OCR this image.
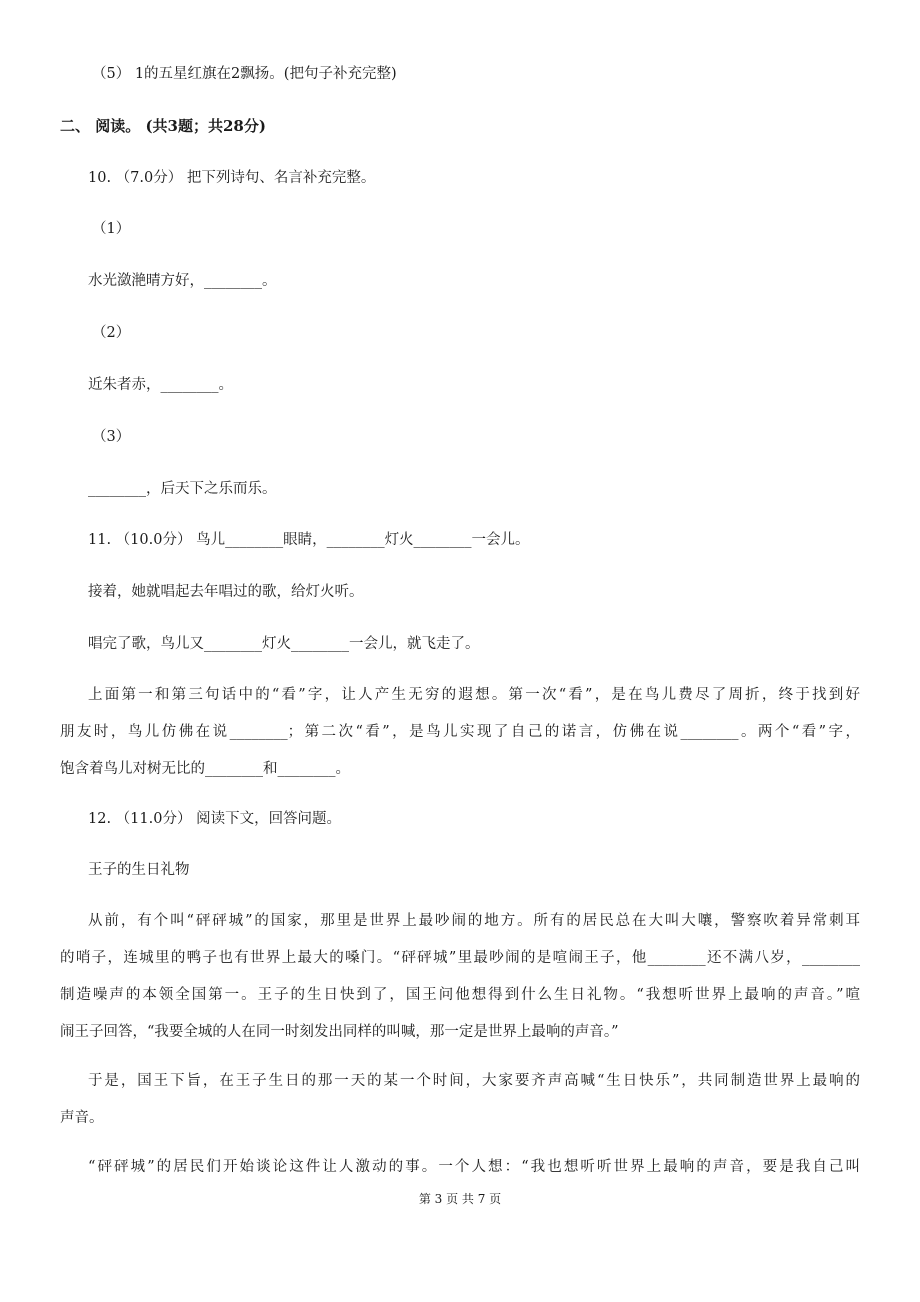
（5） 1的五星红旗在2飘扬。(把句子补充完整)
二、 阅读。 (共3题；共28分)
10. （7.0分） 把下列诗句、名言补充完整。
（1）
水光潋滟晴方好，________。
（2）
近朱者赤，________。
（3）
________，后天下之乐而乐。
11. （10.0分） 鸟儿________眼睛，________灯火________一会儿。
接着，她就唱起去年唱过的歌，给灯火听。
唱完了歌，鸟儿又________灯火________一会儿，就飞走了。
上面第一和第三句话中的“看”字，让人产生无穷的遐想。第一次“看”，是在鸟儿费尽了周折，终于找到好
朋友时，鸟儿仿佛在说________；第二次“看”，是鸟儿实现了自己的诺言，仿佛在说________。两个“看”字，
饱含着鸟儿对树无比的________和________。
12. （11.0分） 阅读下文，回答问题。
王子的生日礼物
从前，有个叫“砰砰城”的国家，那里是世界上最吵闹的地方。所有的居民总在大叫大嚷，警察吹着异常刺耳
的哨子，连城里的鸭子也有世界上最大的嗓门。“砰砰城”里最吵闹的是喧闹王子，他________还不满八岁，________
制造噪声的本领全国第一。王子的生日快到了，国王问他想得到什么生日礼物。“我想听世界上最响的声音。”喧
闹王子回答，“我要全城的人在同一时刻发出同样的叫喊，那一定是世界上最响的声音。”
于是，国王下旨，在王子生日的那一天的某一个时间，大家要齐声高喊“生日快乐”，共同制造世界上最响的
声音。
“砰砰城”的居民们开始谈论这件让人激动的事。一个人想：“我也想听听世界上最响的声音，要是我自己叫
第 3 页 共 7 页
